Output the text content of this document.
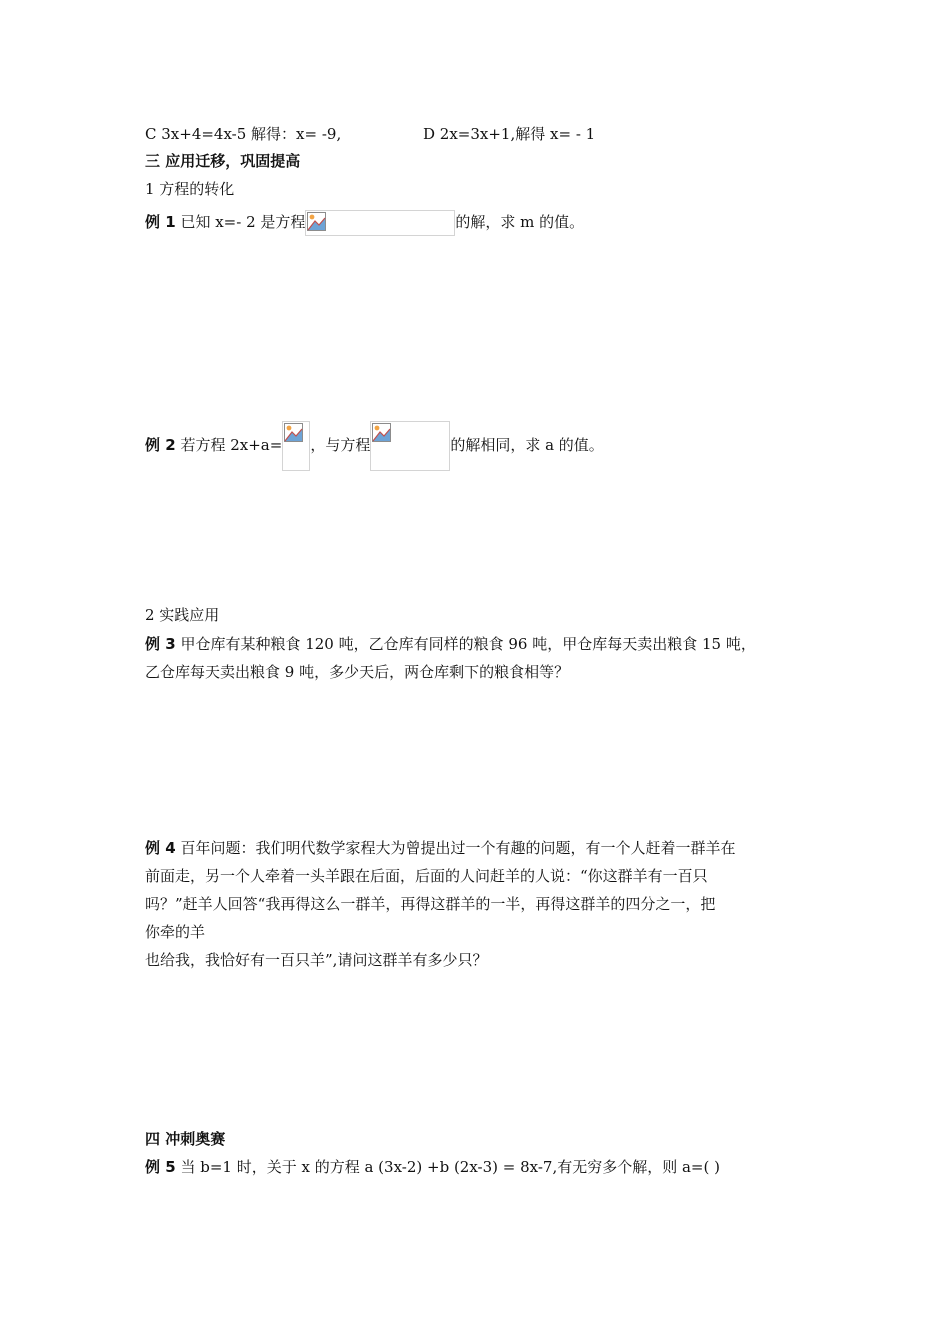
C 3x+4=4x-5 解得：x= -9,	D 2x=3x+1,解得 x= - 1
三 应用迁移，巩固提高
1 方程的转化
例 1 已知 x=- 2 是方程	的解，求 m 的值。
例 2 若方程 2x+a= ，与方程	的解相同，求 a 的值。
2 实践应用
例 3 甲仓库有某种粮食 120 吨，乙仓库有同样的粮食 96 吨，甲仓库每天卖出粮食 15 吨，
乙仓库每天卖出粮食 9 吨，多少天后，两仓库剩下的粮食相等？
例 4 百年问题：我们明代数学家程大为曾提出过一个有趣的问题，有一个人赶着一群羊在
前面走，另一个人牵着一头羊跟在后面，后面的人问赶羊的人说：“你这群羊有一百只
吗？”赶羊人回答“我再得这么一群羊，再得这群羊的一半，再得这群羊的四分之一，把
你牵的羊
也给我，我恰好有一百只羊”,请问这群羊有多少只？
四 冲刺奥赛
例 5 当 b=1 时，关于 x 的方程 a (3x-2) +b (2x-3) = 8x-7,有无穷多个解，则 a=( )
